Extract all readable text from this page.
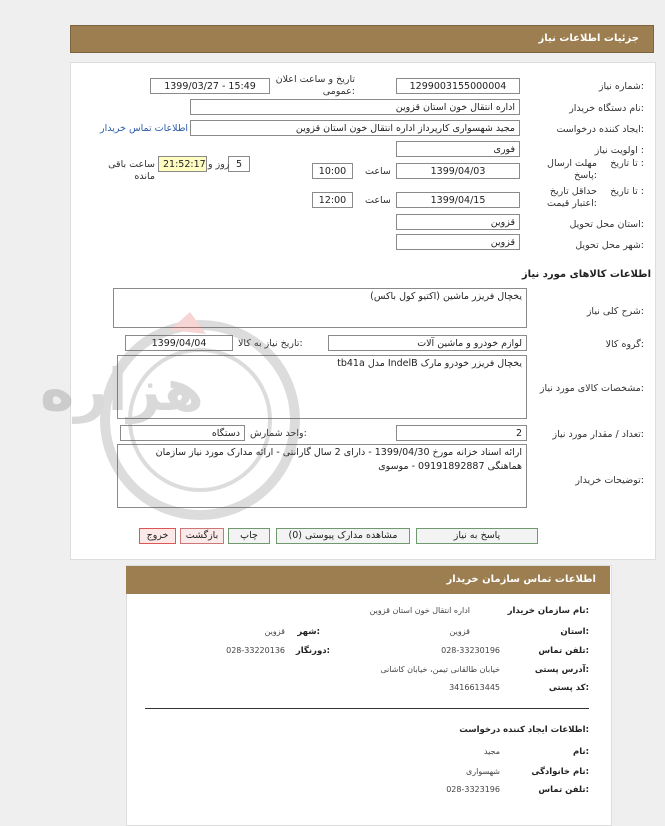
جزئیات اطلاعات نیاز
شماره نیاز:
1299003155000004
تاریخ و ساعت اعلان عمومی:
1399/03/27 - 15:49
نام دستگاه خریدار:
اداره انتقال خون استان قزوین
ایجاد کننده درخواست:
مجید شهسواری کارپرداز اداره انتقال خون استان قزوین
اطلاعات تماس خریدار
اولویت نیاز :
فوری
مهلت ارسال پاسخ:
تا تاریخ :
1399/04/03
ساعت
10:00
5
روز و
21:52:17
ساعت باقی مانده
حداقل تاریخ اعتبار قیمت:
تا تاریخ :
1399/04/15
ساعت
12:00
استان محل تحویل:
قزوین
شهر محل تحویل:
قزوین
اطلاعات کالاهای مورد نیاز
شرح کلی نیاز:
یخچال فریزر ماشین (اکتیو کول باکس)
گروه کالا:
لوازم خودرو و ماشین آلات
تاریخ نیاز به کالا:
1399/04/04
مشخصات کالای مورد نیاز:
یخچال فریزر خودرو مارک IndelB مدل tb41a
تعداد / مقدار مورد نیاز:
2
واحد شمارش:
دستگاه
توضیحات خریدار:
ارائه اسناد خزانه مورخ 1399/04/30 - دارای 2 سال گارانتی - ارائه مدارک مورد نیاز سازمان هماهنگی 09191892887 - موسوی
پاسخ به نیاز
مشاهده مدارک پیوستی (0)
چاپ
بازگشت
خروج
هزاره
اطلاعات تماس سازمان خریدار
نام سازمان خریدار:
اداره انتقال خون استان قزوین
استان:
قزوین
شهر:
قزوین
تلفن تماس:
028-33230196
دورنگار:
028-33220136
آدرس پستی:
خیابان طالقانی تیمن، خیابان کاشانی
کد پستی:
3416613445
اطلاعات ایجاد کننده درخواست:
نام:
مجید
نام خانوادگی:
شهسواری
تلفن تماس:
028-3323196
